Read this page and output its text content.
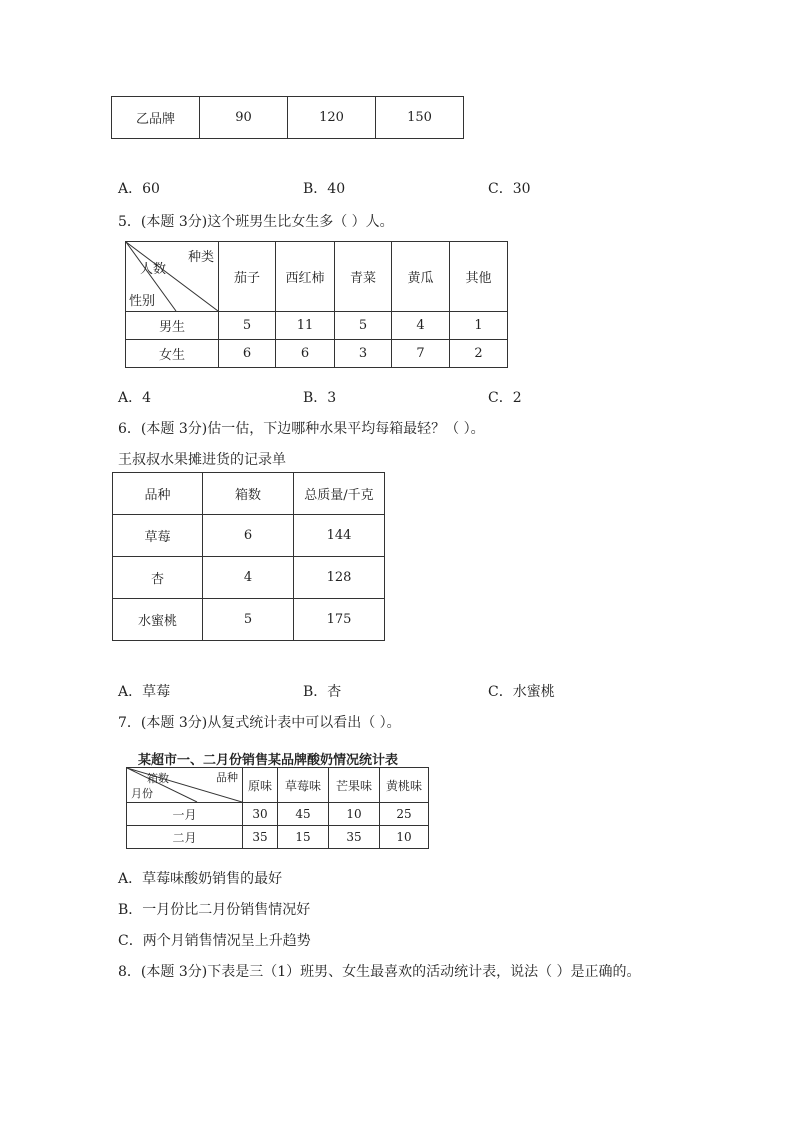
乙品牌	90	120	150
A．60	B．40	C．30
5．(本题 3分)这个班男生比女生多（ ）人。
种类
人数
性别	茄子	西红柿	青菜	黄瓜	其他
男生	5	11	5	4	1
女生	6	6	3	7	2
A．4	B．3	C．2
6．(本题 3分)估一估，下边哪种水果平均每箱最轻？（ ）。
王叔叔水果摊进货的记录单
品种	箱数	总质量/千克
草莓	6	144
杏	4	128
水蜜桃	5	175
A．草莓	B．杏	C．水蜜桃
7．(本题 3分)从复式统计表中可以看出（ ）。
某超市一、二月份销售某品牌酸奶情况统计表
品种
箱数
月份	原味	草莓味	芒果味	黄桃味
一月	30	45	10	25
二月	35	15	35	10
A．草莓味酸奶销售的最好
B．一月份比二月份销售情况好
C．两个月销售情况呈上升趋势
8．(本题 3分)下表是三（1）班男、女生最喜欢的活动统计表，说法（ ）是正确的。
